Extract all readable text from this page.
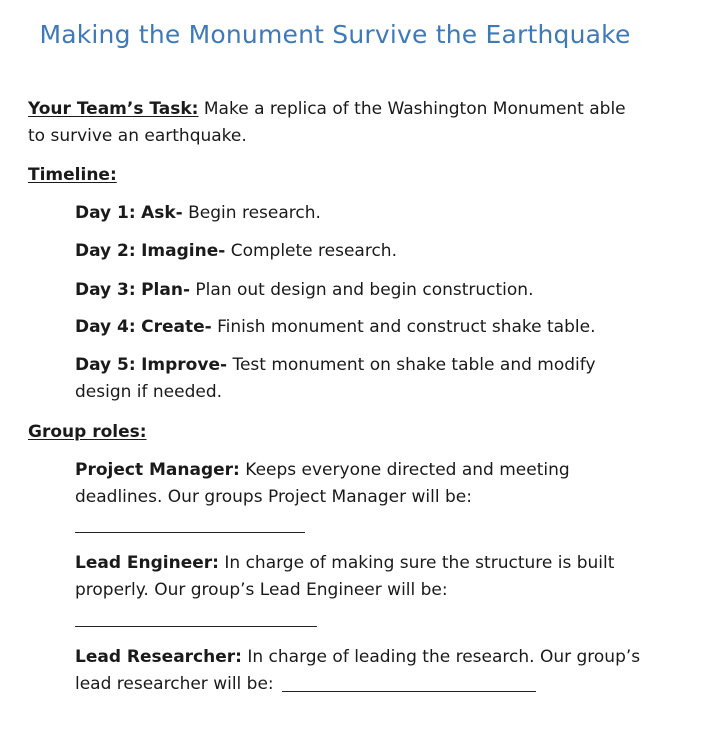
Making the Monument Survive the Earthquake
Your Team’s Task: Make a replica of the Washington Monument able
to survive an earthquake.
Timeline:
Day 1: Ask- Begin research.
Day 2: Imagine- Complete research.
Day 3: Plan- Plan out design and begin construction.
Day 4: Create- Finish monument and construct shake table.
Day 5: Improve- Test monument on shake table and modify
design if needed.
Group roles:
Project Manager: Keeps everyone directed and meeting
deadlines. Our groups Project Manager will be:
Lead Engineer: In charge of making sure the structure is built
properly. Our group’s Lead Engineer will be:
Lead Researcher: In charge of leading the research. Our group’s
lead researcher will be:
